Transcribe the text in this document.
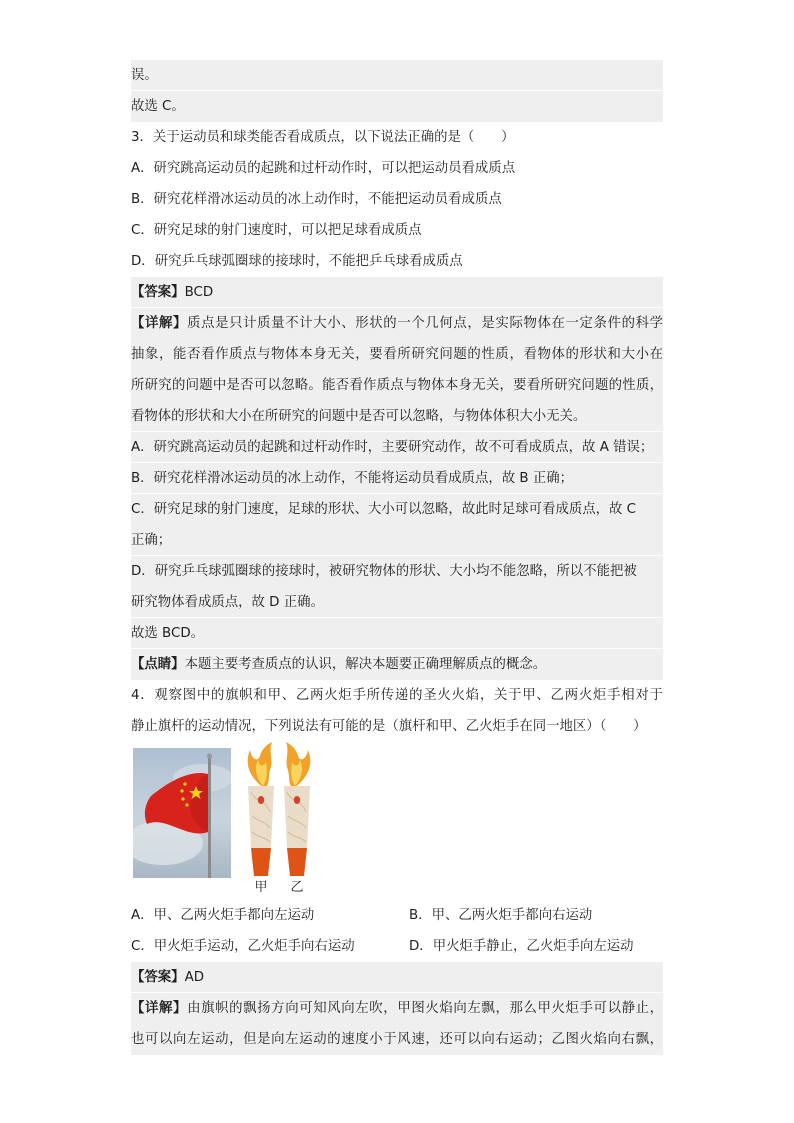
误。
故选 C。
3．关于运动员和球类能否看成质点，以下说法正确的是（　　）
A．研究跳高运动员的起跳和过杆动作时，可以把运动员看成质点
B．研究花样滑冰运动员的冰上动作时，不能把运动员看成质点
C．研究足球的射门速度时，可以把足球看成质点
D．研究乒乓球弧圈球的接球时，不能把乒乓球看成质点
【答案】BCD
【详解】质点是只计质量不计大小、形状的一个几何点，是实际物体在一定条件的科学
抽象，能否看作质点与物体本身无关，要看所研究问题的性质，看物体的形状和大小在
所研究的问题中是否可以忽略。能否看作质点与物体本身无关，要看所研究问题的性质，
看物体的形状和大小在所研究的问题中是否可以忽略，与物体体积大小无关。
A．研究跳高运动员的起跳和过杆动作时，主要研究动作，故不可看成质点，故 A 错误；
B．研究花样滑冰运动员的冰上动作，不能将运动员看成质点，故 B 正确；
C．研究足球的射门速度，足球的形状、大小可以忽略，故此时足球可看成质点，故 C
正确；
D．研究乒乓球弧圈球的接球时，被研究物体的形状、大小均不能忽略，所以不能把被
研究物体看成质点，故 D 正确。
故选 BCD。
【点睛】本题主要考查质点的认识，解决本题要正确理解质点的概念。
4．观察图中的旗帜和甲、乙两火炬手所传递的圣火火焰，关于甲、乙两火炬手相对于
静止旗杆的运动情况，下列说法有可能的是（旗杆和甲、乙火炬手在同一地区）（　　）
甲 乙
A．甲、乙两火炬手都向左运动	B．甲、乙两火炬手都向右运动
C．甲火炬手运动，乙火炬手向右运动	D．甲火炬手静止，乙火炬手向左运动
【答案】AD
【详解】由旗帜的飘扬方向可知风向左吹，甲图火焰向左飘，那么甲火炬手可以静止，
也可以向左运动，但是向左运动的速度小于风速，还可以向右运动；乙图火焰向右飘，
